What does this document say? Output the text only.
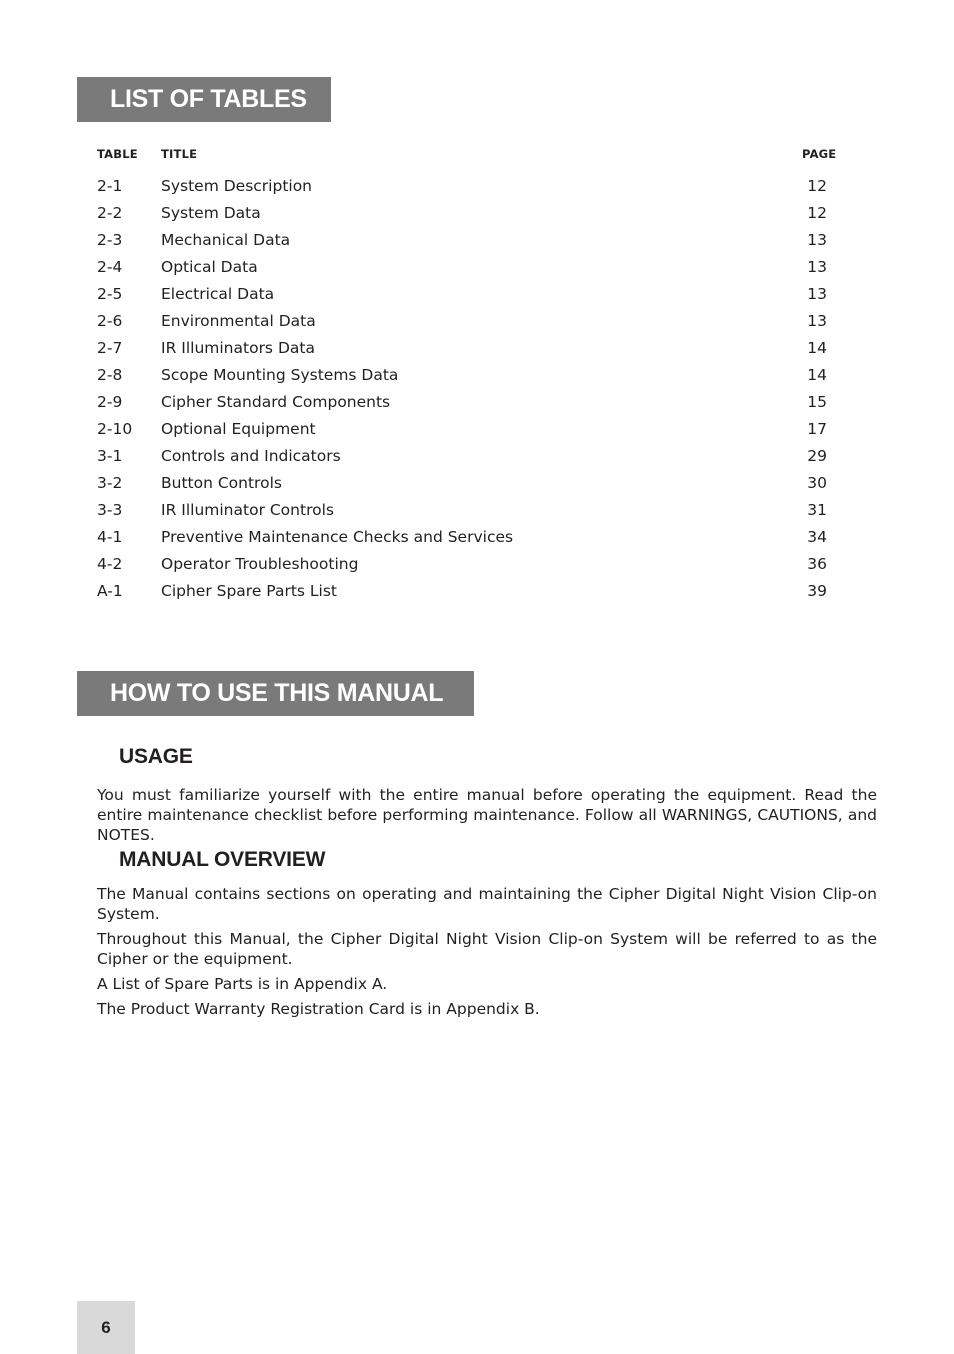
LIST OF TABLES
TABLE TITLE	PAGE
2-1 System Description	12
2-2 System Data	12
2-3 Mechanical Data	13
2-4 Optical Data	13
2-5 Electrical Data	13
2-6 Environmental Data	13
2-7 IR Illuminators Data	14
2-8 Scope Mounting Systems Data	14
2-9 Cipher Standard Components	15
2-10 Optional Equipment	17
3-1 Controls and Indicators	29
3-2 Button Controls	30
3-3 IR Illuminator Controls	31
4-1 Preventive Maintenance Checks and Services	34
4-2 Operator Troubleshooting	36
A-1 Cipher Spare Parts List	39
HOW TO USE THIS MANUAL
USAGE

You must familiarize yourself with the entire manual before operating the equipment. Read the entire maintenance checklist before performing maintenance. Follow all WARNINGS, CAUTIONS, and NOTES.

MANUAL OVERVIEW

The Manual contains sections on operating and maintaining the Cipher Digital Night Vision Clip-on System.

Throughout this Manual, the Cipher Digital Night Vision Clip-on System will be referred to as the Cipher or the equipment.

A List of Spare Parts is in Appendix A.

The Product Warranty Registration Card is in Appendix B.

6
